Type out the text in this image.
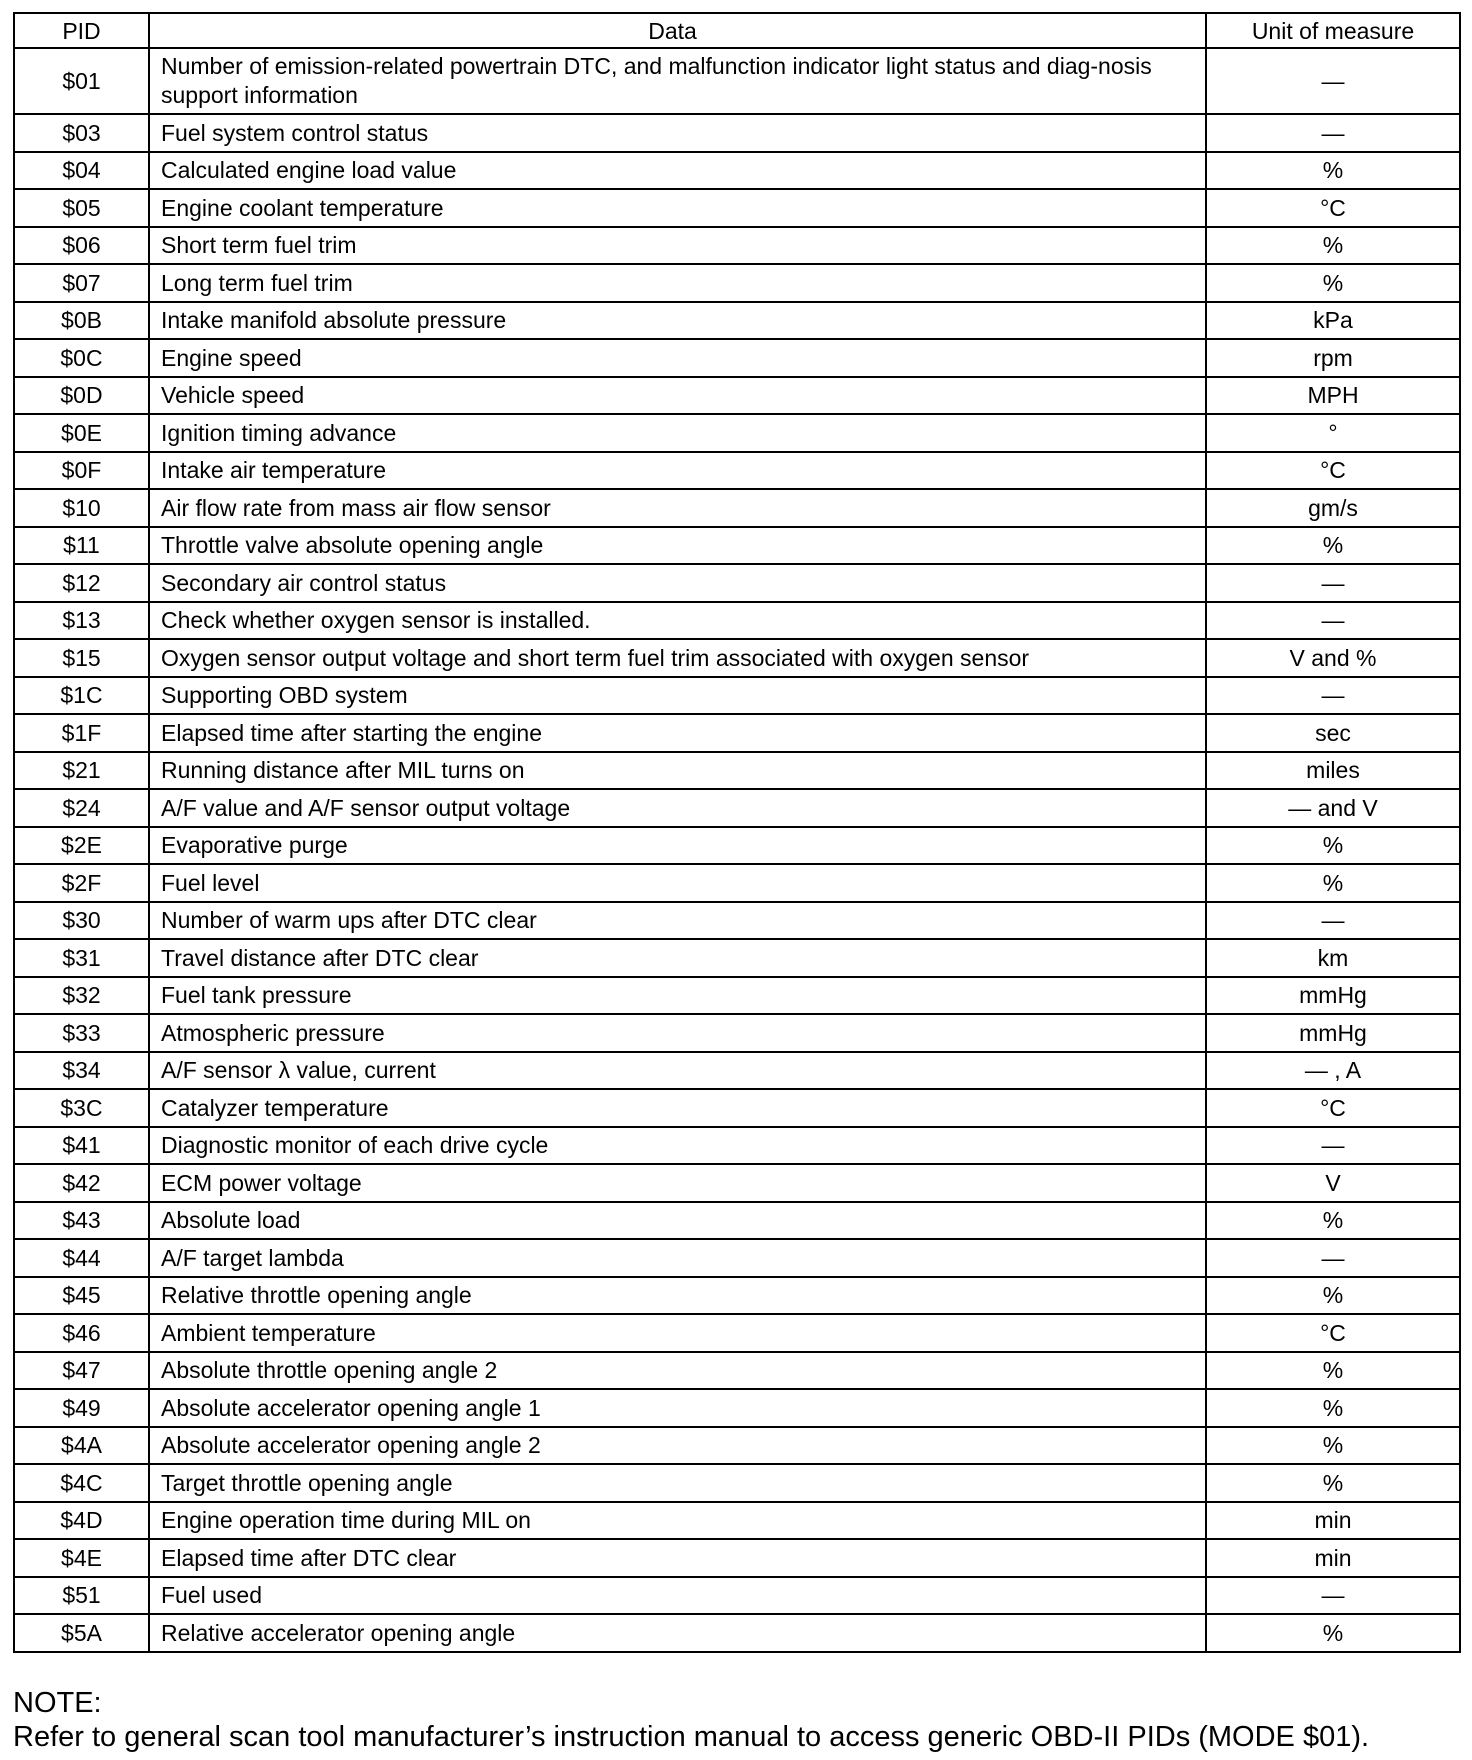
PID	Data	Unit of measure
$01	Number of emission-related powertrain DTC, and malfunction indicator light status and diag-nosis support information	—
$03	Fuel system control status	—
$04	Calculated engine load value	%
$05	Engine coolant temperature	°C
$06	Short term fuel trim	%
$07	Long term fuel trim	%
$0B	Intake manifold absolute pressure	kPa
$0C	Engine speed	rpm
$0D	Vehicle speed	MPH
$0E	Ignition timing advance	°
$0F	Intake air temperature	°C
$10	Air flow rate from mass air flow sensor	gm/s
$11	Throttle valve absolute opening angle	%
$12	Secondary air control status	—
$13	Check whether oxygen sensor is installed.	—
$15	Oxygen sensor output voltage and short term fuel trim associated with oxygen sensor	V and %
$1C	Supporting OBD system	—
$1F	Elapsed time after starting the engine	sec
$21	Running distance after MIL turns on	miles
$24	A/F value and A/F sensor output voltage	— and V
$2E	Evaporative purge	%
$2F	Fuel level	%
$30	Number of warm ups after DTC clear	—
$31	Travel distance after DTC clear	km
$32	Fuel tank pressure	mmHg
$33	Atmospheric pressure	mmHg
$34	A/F sensor λ value, current	— , A
$3C	Catalyzer temperature	°C
$41	Diagnostic monitor of each drive cycle	—
$42	ECM power voltage	V
$43	Absolute load	%
$44	A/F target lambda	—
$45	Relative throttle opening angle	%
$46	Ambient temperature	°C
$47	Absolute throttle opening angle 2	%
$49	Absolute accelerator opening angle 1	%
$4A	Absolute accelerator opening angle 2	%
$4C	Target throttle opening angle	%
$4D	Engine operation time during MIL on	min
$4E	Elapsed time after DTC clear	min
$51	Fuel used	—
$5A	Relative accelerator opening angle	%
NOTE:
Refer to general scan tool manufacturer’s instruction manual to access generic OBD-II PIDs (MODE $01).
